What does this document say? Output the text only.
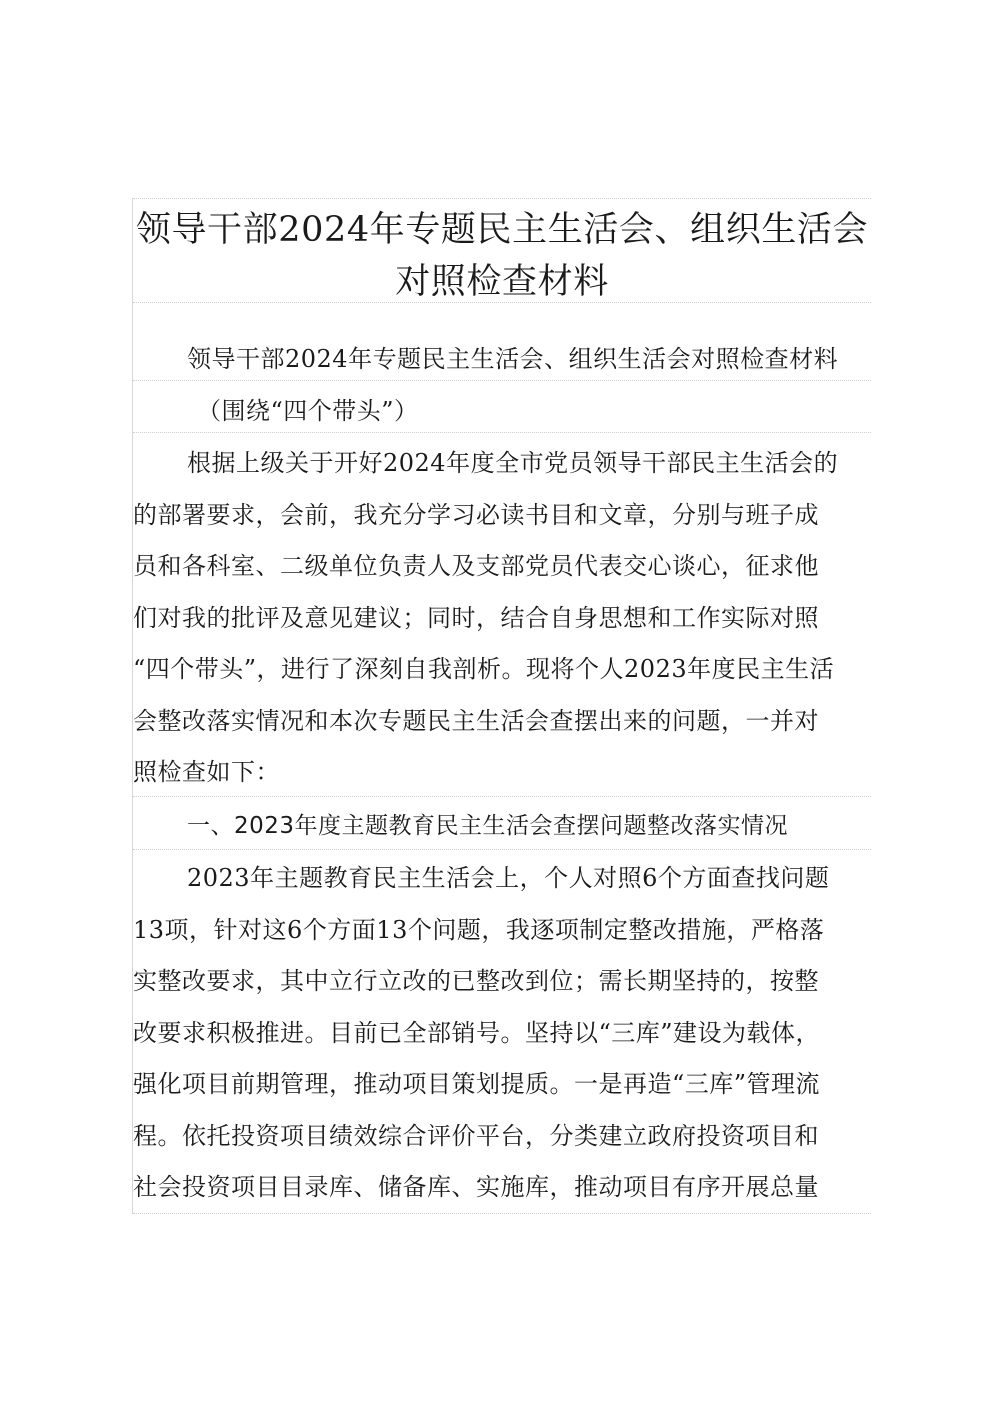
领导干部2024年专题民主生活会、组织生活会
对照检查材料
领导干部2024年专题民主生活会、组织生活会对照检查材料
（围绕“四个带头”）
根据上级关于开好2024年度全市党员领导干部民主生活会的
的部署要求，会前，我充分学习必读书目和文章，分别与班子成
员和各科室、二级单位负责人及支部党员代表交心谈心，征求他
们对我的批评及意见建议；同时，结合自身思想和工作实际对照
“四个带头”，进行了深刻自我剖析。现将个人2023年度民主生活
会整改落实情况和本次专题民主生活会查摆出来的问题，一并对
照检查如下：
一、2023年度主题教育民主生活会查摆问题整改落实情况
2023年主题教育民主生活会上，个人对照6个方面查找问题
13项，针对这6个方面13个问题，我逐项制定整改措施，严格落
实整改要求，其中立行立改的已整改到位；需长期坚持的，按整
改要求积极推进。目前已全部销号。坚持以“三库”建设为载体，
强化项目前期管理，推动项目策划提质。一是再造“三库”管理流
程。依托投资项目绩效综合评价平台，分类建立政府投资项目和
社会投资项目目录库、储备库、实施库，推动项目有序开展总量
